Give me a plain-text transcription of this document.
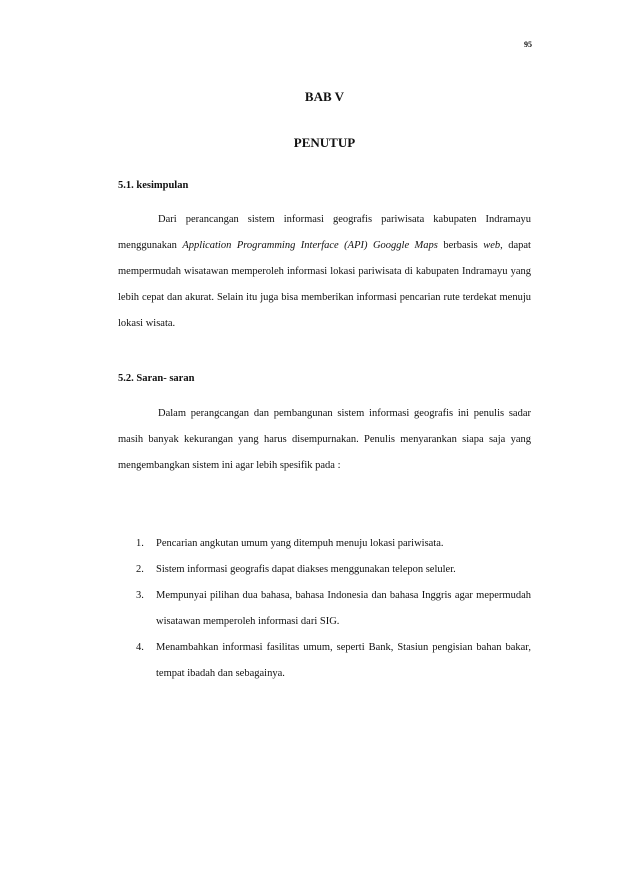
95
BAB V
PENUTUP
5.1. kesimpulan

Dari perancangan sistem informasi geografis pariwisata kabupaten Indramayu menggunakan Application Programming Interface (API) Googgle Maps berbasis web, dapat mempermudah wisatawan memperoleh informasi lokasi pariwisata di kabupaten Indramayu yang lebih cepat dan akurat. Selain itu juga bisa memberikan informasi pencarian rute terdekat menuju lokasi wisata.

5.2. Saran- saran

Dalam perangcangan dan pembangunan sistem informasi geografis ini penulis sadar masih banyak kekurangan yang harus disempurnakan. Penulis menyarankan siapa saja yang mengembangkan sistem ini agar lebih spesifik pada :

1. Pencarian angkutan umum yang ditempuh menuju lokasi pariwisata.
2. Sistem informasi geografis dapat diakses menggunakan telepon seluler.
3. Mempunyai pilihan dua bahasa, bahasa Indonesia dan bahasa Inggris agar mepermudah wisatawan memperoleh informasi dari SIG.
4. Menambahkan informasi fasilitas umum, seperti Bank, Stasiun pengisian bahan bakar, tempat ibadah dan sebagainya.
